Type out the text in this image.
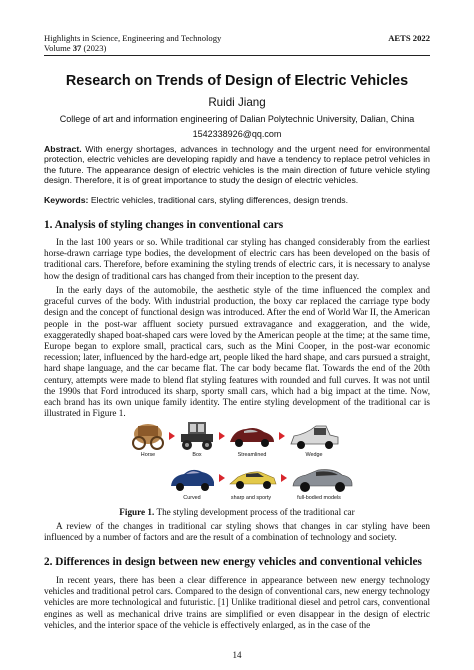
Highlights in Science, Engineering and Technology	AETS 2022
Volume 37 (2023)
Research on Trends of Design of Electric Vehicles
Ruidi Jiang
College of art and information engineering of Dalian Polytechnic University, Dalian, China
1542338926@qq.com
Abstract. With energy shortages, advances in technology and the urgent need for environmental protection, electric vehicles are developing rapidly and have a tendency to replace petrol vehicles in the future. The appearance design of electric vehicles is the main direction of future vehicle styling design. Therefore, it is of great importance to study the design of electric vehicles.
Keywords: Electric vehicles, traditional cars, styling differences, design trends.
1. Analysis of styling changes in conventional cars
In the last 100 years or so. While traditional car styling has changed considerably from the earliest horse-drawn carriage type bodies, the development of electric cars has been developed on the basis of traditional cars. Therefore, before examining the styling trends of electric cars, it is necessary to analyse how the design of traditional cars has changed from their inception to the present day.
In the early days of the automobile, the aesthetic style of the time influenced the complex and graceful curves of the body. With industrial production, the boxy car replaced the carriage type body design and the concept of functional design was introduced. After the end of World War II, the American people in the post-war affluent society pursued extravagance and exaggeration, and the wide, exaggeratedly shaped boat-shaped cars were loved by the American people at the time; at the same time, Europe began to explore small, practical cars, such as the Mini Cooper, in the post-war economic recession; later, influenced by the hard-edge art, people liked the hard shape, and cars pursued a straight, hard shape language, and the car became flat. The car body became flat. Towards the end of the 20th century, attempts were made to blend flat styling features with rounded and full curves. It was not until the 1990s that Ford introduced its sharp, sporty small cars, which had a big impact at the time. Now, each brand has its own unique family identity. The entire styling development of the traditional car is illustrated in Figure 1.
Horse	Box	Streamlined	Wedge
Curved	sharp and sporty	full-bodied models
Figure 1. The styling development process of the traditional car
A review of the changes in traditional car styling shows that changes in car styling have been influenced by a number of factors and are the result of a combination of technology and society.
2. Differences in design between new energy vehicles and conventional vehicles
In recent years, there has been a clear difference in appearance between new energy technology vehicles and traditional petrol cars. Compared to the design of conventional cars, new energy technology vehicles are more technological and futuristic. [1] Unlike traditional diesel and petrol cars, conventional engines as well as mechanical drive trains are simplified or even disappear in the design of electric vehicles, and the interior space of the vehicle is effectively enlarged, as in the case of the
14
